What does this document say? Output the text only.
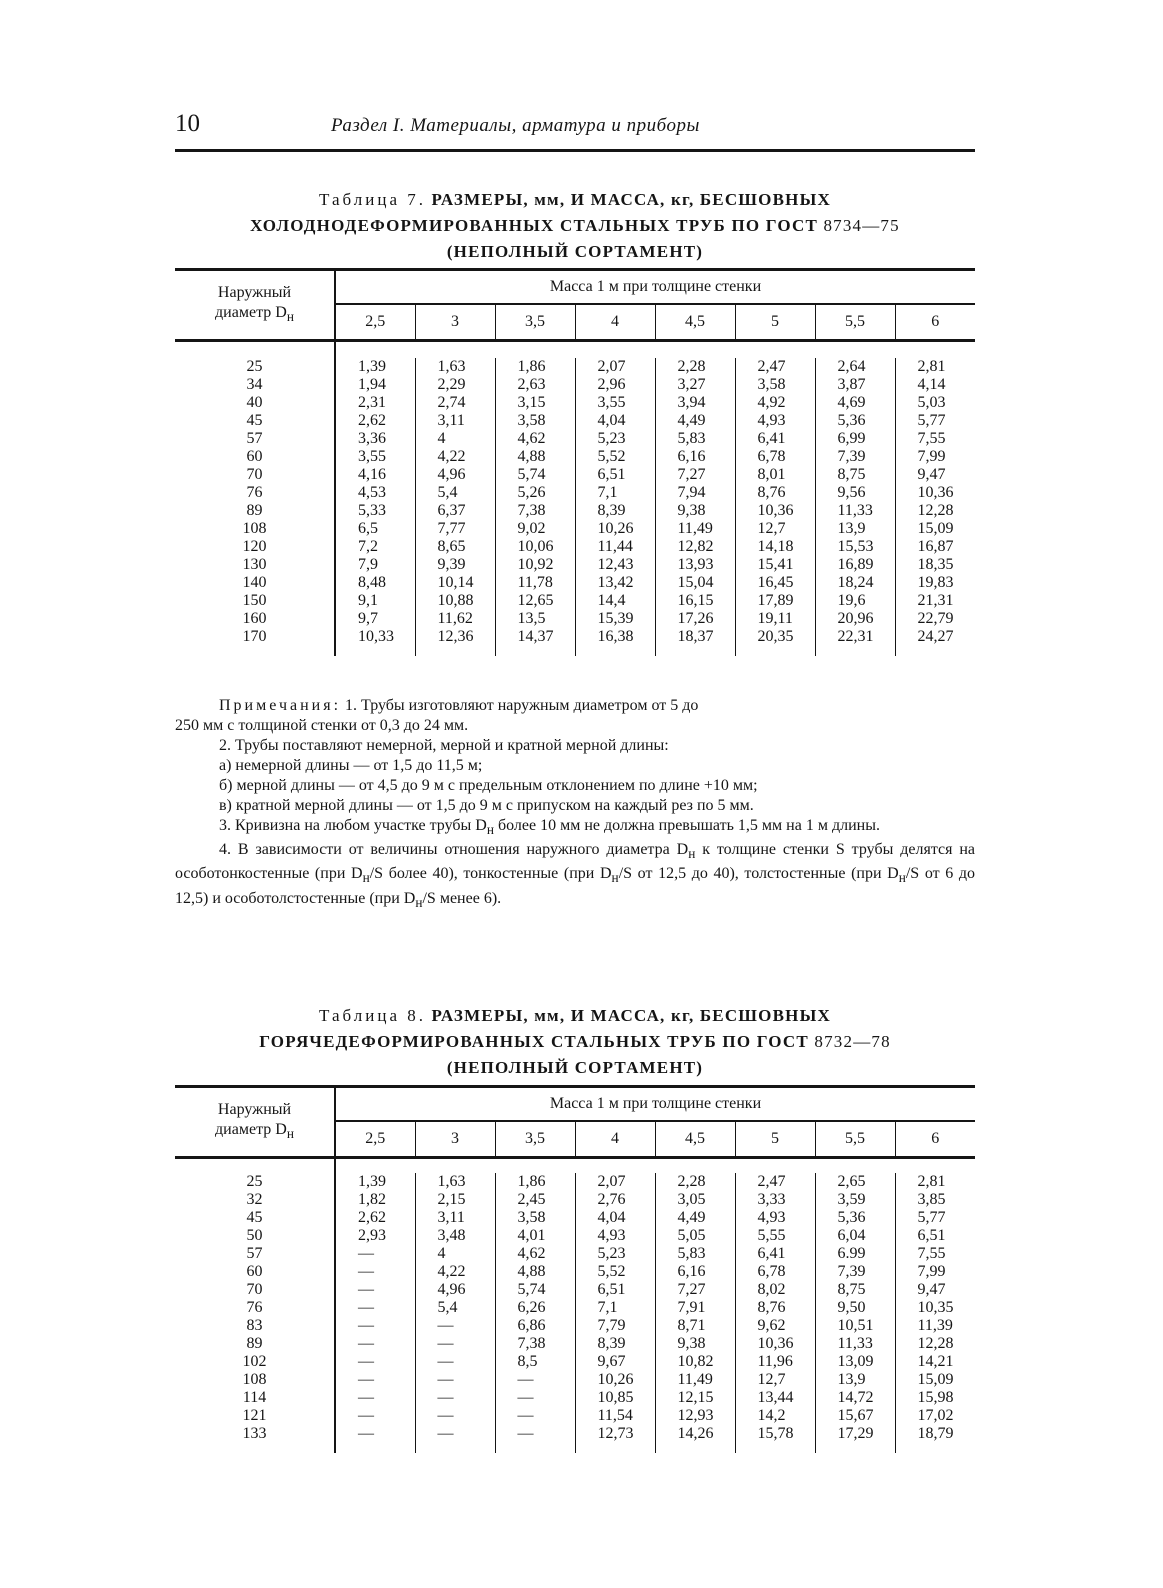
10	Раздел I. Материалы, арматура и приборы
Таблица 7. РАЗМЕРЫ, мм, И МАССА, кг, БЕСШОВНЫХ
ХОЛОДНОДЕФОРМИРОВАННЫХ СТАЛЬНЫХ ТРУБ ПО ГОСТ 8734—75
(НЕПОЛНЫЙ СОРТАМЕНТ)
Наружный
диаметр $D_н$	Масса 1 м при толщине стенки							
	2,5	3	3,5	4	4,5	5	5,5	6

25	1,39	1,63	1,86	2,07	2,28	2,47	2,64	2,81
34	1,94	2,29	2,63	2,96	3,27	3,58	3,87	4,14
40	2,31	2,74	3,15	3,55	3,94	4,92	4,69	5,03
45	2,62	3,11	3,58	4,04	4,49	4,93	5,36	5,77
57	3,36	4	4,62	5,23	5,83	6,41	6,99	7,55
60	3,55	4,22	4,88	5,52	6,16	6,78	7,39	7,99
70	4,16	4,96	5,74	6,51	7,27	8,01	8,75	9,47
76	4,53	5,4	5,26	7,1	7,94	8,76	9,56	10,36
89	5,33	6,37	7,38	8,39	9,38	10,36	11,33	12,28
108	6,5	7,77	9,02	10,26	11,49	12,7	13,9	15,09
120	7,2	8,65	10,06	11,44	12,82	14,18	15,53	16,87
130	7,9	9,39	10,92	12,43	13,93	15,41	16,89	18,35
140	8,48	10,14	11,78	13,42	15,04	16,45	18,24	19,83
150	9,1	10,88	12,65	14,4	16,15	17,89	19,6	21,31
160	9,7	11,62	13,5	15,39	17,26	19,11	20,96	22,79
170	10,33	12,36	14,37	16,38	18,37	20,35	22,31	24,27

Примечания: 1. Трубы изготовляют наружным диаметром от 5 до
250 мм с толщиной стенки от 0,3 до 24 мм.

2. Трубы поставляют немерной, мерной и кратной мерной длины:

а) немерной длины — от 1,5 до 11,5 м;

б) мерной длины — от 4,5 до 9 м с предельным отклонением по длине +10 мм;

в) кратной мерной длины — от 1,5 до 9 м с припуском на каждый рез по 5 мм.

3. Кривизна на любом участке трубы $D_н$ более 10 мм не должна превышать 1,5 мм на 1 м длины.

4. В зависимости от величины отношения наружного диаметра $D_н$ к толщине стенки S трубы делятся на особотонкостенные (при $D_н/S$ более 40), тонкостенные (при $D_н/S$ от 12,5 до 40), толстостенные (при $D_н/S$ от 6 до 12,5) и особотолстостенные (при $D_н/S$ менее 6).

Таблица 8. РАЗМЕРЫ, мм, И МАССА, кг, БЕСШОВНЫХ
ГОРЯЧЕДЕФОРМИРОВАННЫХ СТАЛЬНЫХ ТРУБ ПО ГОСТ 8732—78
(НЕПОЛНЫЙ СОРТАМЕНТ)
Наружный
диаметр $D_н$	Масса 1 м при толщине стенки							
	2,5	3	3,5	4	4,5	5	5,5	6

25	1,39	1,63	1,86	2,07	2,28	2,47	2,65	2,81
32	1,82	2,15	2,45	2,76	3,05	3,33	3,59	3,85
45	2,62	3,11	3,58	4,04	4,49	4,93	5,36	5,77
50	2,93	3,48	4,01	4,93	5,05	5,55	6,04	6,51
57	—	4	4,62	5,23	5,83	6,41	6.99	7,55
60	—	4,22	4,88	5,52	6,16	6,78	7,39	7,99
70	—	4,96	5,74	6,51	7,27	8,02	8,75	9,47
76	—	5,4	6,26	7,1	7,91	8,76	9,50	10,35
83	—	—	6,86	7,79	8,71	9,62	10,51	11,39
89	—	—	7,38	8,39	9,38	10,36	11,33	12,28
102	—	—	8,5	9,67	10,82	11,96	13,09	14,21
108	—	—	—	10,26	11,49	12,7	13,9	15,09
114	—	—	—	10,85	12,15	13,44	14,72	15,98
121	—	—	—	11,54	12,93	14,2	15,67	17,02
133	—	—	—	12,73	14,26	15,78	17,29	18,79
